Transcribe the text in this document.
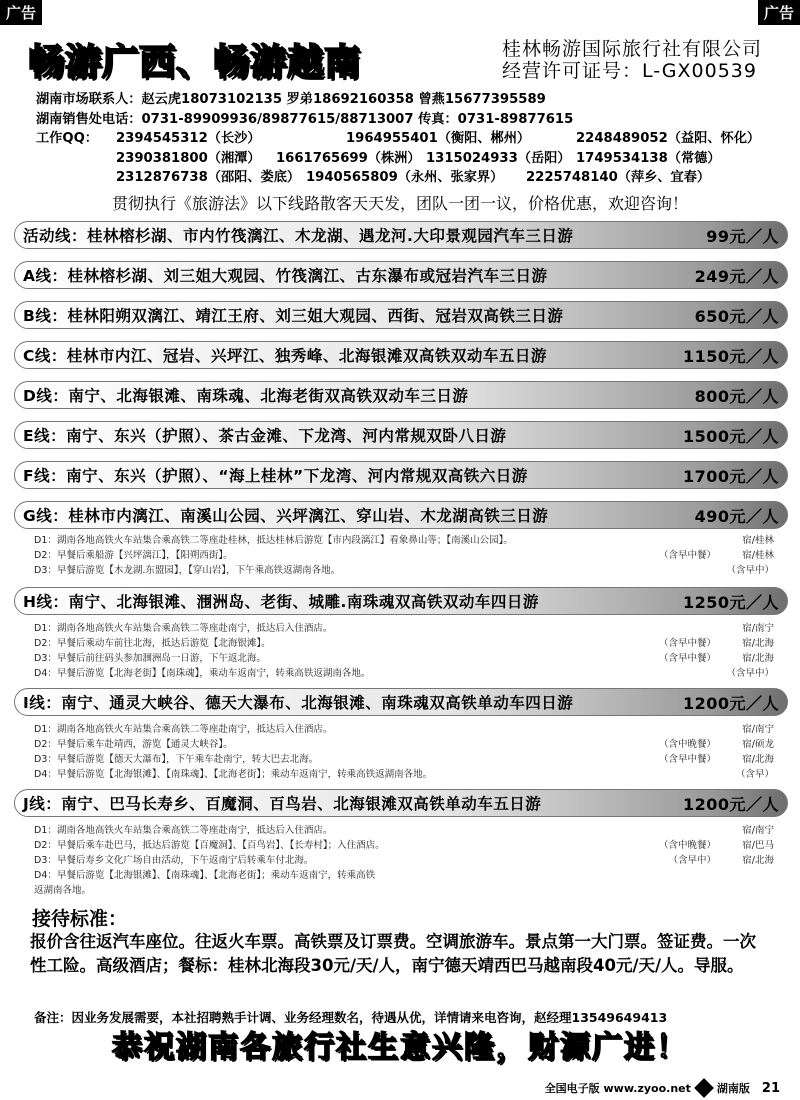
广告	广告
畅游广西、畅游越南	桂林畅游国际旅行社有限公司
经营许可证号：L-GX00539
湖南市场联系人：赵云虎18073102135 罗弟18692160358 曾燕15677395589
湖南销售处电话：0731-89909936/89877615/88713007 传真：0731-89877615
工作QQ：	2394545312（长沙）	1964955401（衡阳、郴州）	2248489052（益阳、怀化）
2390381800（湘潭）	1661765699（株洲） 1315024933（岳阳） 1749534138（常德）
2312876738（邵阳、娄底） 1940565809（永州、张家界）	2225748140（萍乡、宜春）
贯彻执行《旅游法》以下线路散客天天发，团队一团一议，价格优惠，欢迎咨询！
活动线：桂林榕杉湖、市内竹筏漓江、木龙湖、遇龙河.大印景观园汽车三日游	99元／人
A线：桂林榕杉湖、刘三姐大观园、竹筏漓江、古东瀑布或冠岩汽车三日游	249元／人
B线：桂林阳朔双漓江、靖江王府、刘三姐大观园、西街、冠岩双高铁三日游	650元／人
C线：桂林市内江、冠岩、兴坪江、独秀峰、北海银滩双高铁双动车五日游	1150元／人
D线：南宁、北海银滩、南珠魂、北海老街双高铁双动车三日游	800元／人
E线：南宁、东兴（护照）、茶古金滩、下龙湾、河内常规双卧八日游	1500元／人
F线：南宁、东兴（护照）、“海上桂林”下龙湾、河内常规双高铁六日游	1700元／人
G线：桂林市内漓江、南溪山公园、兴坪漓江、穿山岩、木龙湖高铁三日游	490元／人
D1：湖南各地高铁火车站集合乘高铁二等座赴桂林，抵达桂林后游览【市内段漓江】看象鼻山等；【南溪山公园】。	宿/桂林
D2：早餐后乘船游【兴坪漓江】，【阳朔西街】。	（含早中餐）	宿/桂林
D3：早餐后游览【木龙湖.东盟园】，【穿山岩】，下午乘高铁返湖南各地。	（含早中）
H线：南宁、北海银滩、涠洲岛、老街、城雕.南珠魂双高铁双动车四日游	1250元／人
D1：湖南各地高铁火车站集合乘高铁二等座赴南宁，抵达后入住酒店。	宿/南宁
D2：早餐后乘动车前往北海，抵达后游览【北海银滩】。	（含早中餐）	宿/北海
D3：早餐后前往码头参加涠洲岛一日游，下午返北海。	（含早中餐）	宿/北海
D4：早餐后游览【北海老街】【南珠魂】，乘动车返南宁，转乘高铁返湖南各地。	（含早中）
I线：南宁、通灵大峡谷、德天大瀑布、北海银滩、南珠魂双高铁单动车四日游	1200元／人
D1：湖南各地高铁火车站集合乘高铁二等座赴南宁，抵达后入住酒店。	宿/南宁
D2：早餐后乘车赴靖西，游览【通灵大峡谷】。	（含中晚餐）	宿/硕龙
D3：早餐后游览【德天大瀑布】，下午乘车赴南宁，转大巴去北海。	（含早中餐）	宿/北海
D4：早餐后游览【北海银滩】、【南珠魂】、【北海老街】；乘动车返南宁，转乘高铁返湖南各地。	（含早）
J线：南宁、巴马长寿乡、百魔洞、百鸟岩、北海银滩双高铁单动车五日游	1200元／人
D1：湖南各地高铁火车站集合乘高铁二等座赴南宁，抵达后入住酒店。	宿/南宁
D2：早餐后乘车赴巴马，抵达后游览【百魔洞】、【百鸟岩】、【长寿村】；入住酒店。	（含中晚餐）	宿/巴马
D3：早餐后寿乡文化广场自由活动，下午返南宁后转乘车付北海。	（含早中）	宿/北海
D4：早餐后游览【北海银滩】、【南珠魂】、【北海老街】；乘动车返南宁，转乘高铁
返湖南各地。
接待标准：
报价含往返汽车座位。往返火车票。高铁票及订票费。空调旅游车。景点第一大门票。签证费。一次性工险。高级酒店；餐标：桂林北海段30元/天/人，南宁德天靖西巴马越南段40元/天/人。导服。
备注：因业务发展需要，本社招聘熟手计调、业务经理数名，待遇从优，详情请来电咨询，赵经理13549649413
恭祝湖南各旅行社生意兴隆，财源广进！
全国电子版 www.zyoo.net 湖南版 21
